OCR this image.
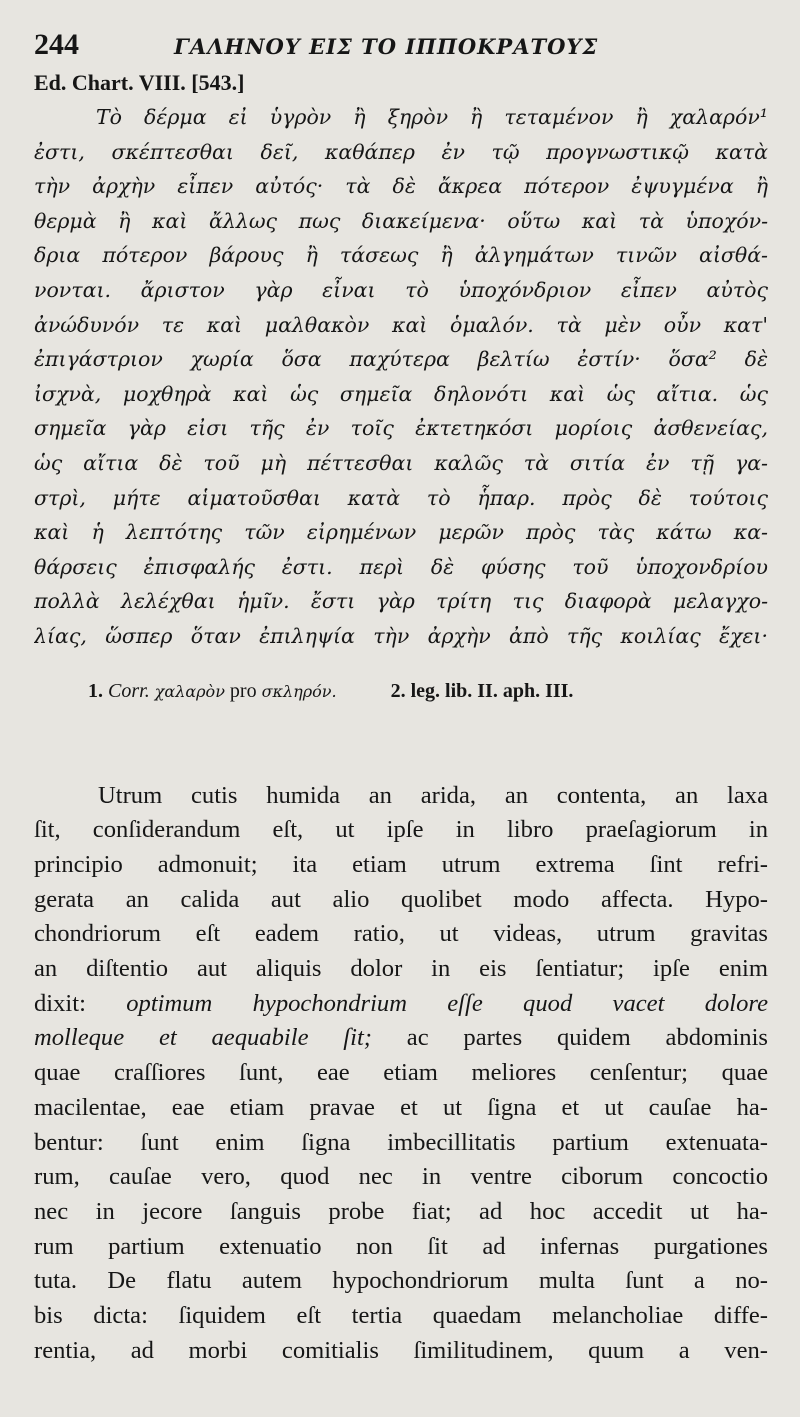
244	ΓΑΛΗΝΟΥ ΕΙΣ ΤΟ ΙΠΠΟΚΡΑΤΟΥΣ
Ed. Chart. VIII. [543.]
Τὸ δέρμα εἰ ὑγρὸν ἢ ξηρὸν ἢ τεταμένον ἢ χαλαρόν¹
ἐστι, σκέπτεσθαι δεῖ, καθάπερ ἐν τῷ προγνωστικῷ κατὰ
τὴν ἀρχὴν εἶπεν αὐτός· τὰ δὲ ἄκρεα πότερον ἐψυγμένα ἢ
θερμὰ ἢ καὶ ἄλλως πως διακείμενα· οὕτω καὶ τὰ ὑποχόν-
δρια πότερον βάρους ἢ τάσεως ἢ ἀλγημάτων τινῶν αἰσθά-
νονται. ἄριστον γὰρ εἶναι τὸ ὑποχόνδριον εἶπεν αὐτὸς
ἀνώδυνόν τε καὶ μαλθακὸν καὶ ὁμαλόν. τὰ μὲν οὖν κατ'
ἐπιγάστριον χωρία ὅσα παχύτερα βελτίω ἐστίν· ὅσα² δὲ
ἰσχνὰ, μοχθηρὰ καὶ ὡς σημεῖα δηλονότι καὶ ὡς αἴτια. ὡς
σημεῖα γὰρ εἰσι τῆς ἐν τοῖς ἐκτετηκόσι μορίοις ἀσθενείας,
ὡς αἴτια δὲ τοῦ μὴ πέττεσθαι καλῶς τὰ σιτία ἐν τῇ γα-
στρὶ, μήτε αἱματοῦσθαι κατὰ τὸ ἧπαρ. πρὸς δὲ τούτοις
καὶ ἡ λεπτότης τῶν εἰρημένων μερῶν πρὸς τὰς κάτω κα-
θάρσεις ἐπισφαλής ἐστι. περὶ δὲ φύσης τοῦ ὑποχονδρίου
πολλὰ λελέχθαι ἡμῖν. ἔστι γὰρ τρίτη τις διαφορὰ μελαγχο-
λίας, ὥσπερ ὅταν ἐπιληψία τὴν ἀρχὴν ἀπὸ τῆς κοιλίας ἔχει·
1. Corr. χαλαρὸν pro σκληρόν.	2. leg. lib. II. aph. III.
Utrum cutis humida an arida, an contenta, an laxa
ſit, conſiderandum eſt, ut ipſe in libro praeſagiorum in
principio admonuit; ita etiam utrum extrema ſint refri-
gerata an calida aut alio quolibet modo affecta. Hypo-
chondriorum eſt eadem ratio, ut videas, utrum gravitas
an diſtentio aut aliquis dolor in eis ſentiatur; ipſe enim
dixit: optimum hypochondrium eſſe quod vacet dolore
molleque et aequabile ſit; ac partes quidem abdominis
quae craſſiores ſunt, eae etiam meliores cenſentur; quae
macilentae, eae etiam pravae et ut ſigna et ut cauſae ha-
bentur: ſunt enim ſigna imbecillitatis partium extenuata-
rum, cauſae vero, quod nec in ventre ciborum concoctio
nec in jecore ſanguis probe fiat; ad hoc accedit ut ha-
rum partium extenuatio non ſit ad infernas purgationes
tuta. De flatu autem hypochondriorum multa ſunt a no-
bis dicta: ſiquidem eſt tertia quaedam melancholiae diffe-
rentia, ad morbi comitialis ſimilitudinem, quum a ven-
